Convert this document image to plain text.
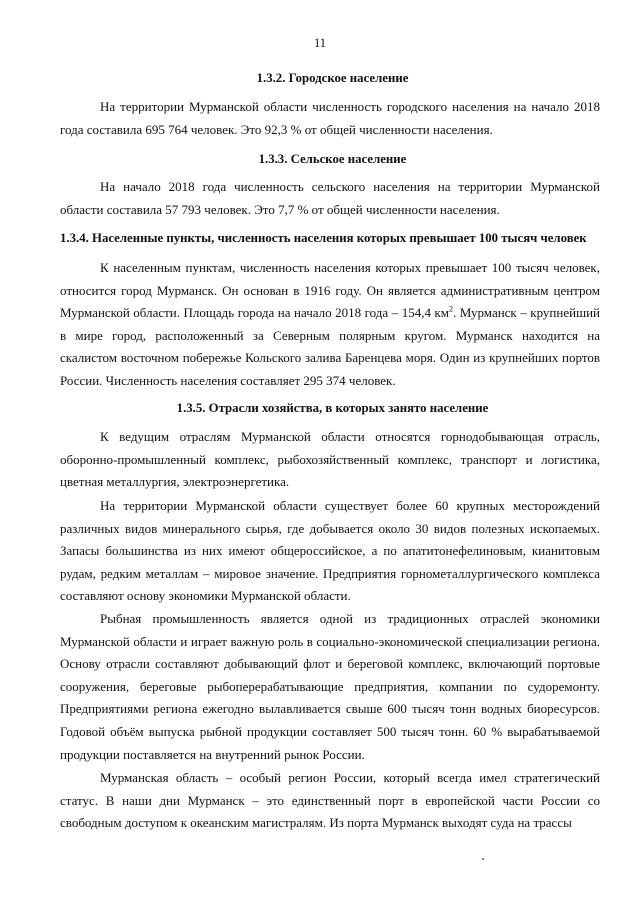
11
1.3.2. Городское население

На территории Мурманской области численность городского населения на начало 2018 года составила 695 764 человек. Это 92,3 % от общей численности населения.

1.3.3. Сельское население

На начало 2018 года численность сельского населения на территории Мурманской области составила 57 793 человек. Это 7,7 % от общей численности населения.

1.3.4. Населенные пункты, численность населения которых превышает 100 тысяч человек

К населенным пунктам, численность населения которых превышает 100 тысяч человек, относится город Мурманск. Он основан в 1916 году. Он является административным центром Мурманской области. Площадь города на начало 2018 года – 154,4 $км^2$. Мурманск – крупнейший в мире город, расположенный за Северным полярным кругом. Мурманск находится на скалистом восточном побережье Кольского залива Баренцева моря. Один из крупнейших портов России. Численность населения составляет 295 374 человек.

1.3.5. Отрасли хозяйства, в которых занято население

К ведущим отраслям Мурманской области относятся горнодобывающая отрасль, оборонно-промышленный комплекс, рыбохозяйственный комплекс, транспорт и логистика, цветная металлургия, электроэнергетика.

На территории Мурманской области существует более 60 крупных месторождений различных видов минерального сырья, где добывается около 30 видов полезных ископаемых. Запасы большинства из них имеют общероссийское, а по апатитонефелиновым, кианитовым рудам, редким металлам – мировое значение. Предприятия горнометаллургического комплекса составляют основу экономики Мурманской области.

Рыбная промышленность является одной из традиционных отраслей экономики Мурманской области и играет важную роль в социально-экономической специализации региона. Основу отрасли составляют добывающий флот и береговой комплекс, включающий портовые сооружения, береговые рыбоперерабатывающие предприятия, компании по судоремонту. Предприятиями региона ежегодно вылавливается свыше 600 тысяч тонн водных биоресурсов. Годовой объём выпуска рыбной продукции составляет 500 тысяч тонн. 60 % вырабатываемой продукции поставляется на внутренний рынок России.

Мурманская область – особый регион России, который всегда имел стратегический статус. В наши дни Мурманск – это единственный порт в европейской части России со свободным доступом к океанским магистралям. Из порта Мурманск выходят суда на трассы
